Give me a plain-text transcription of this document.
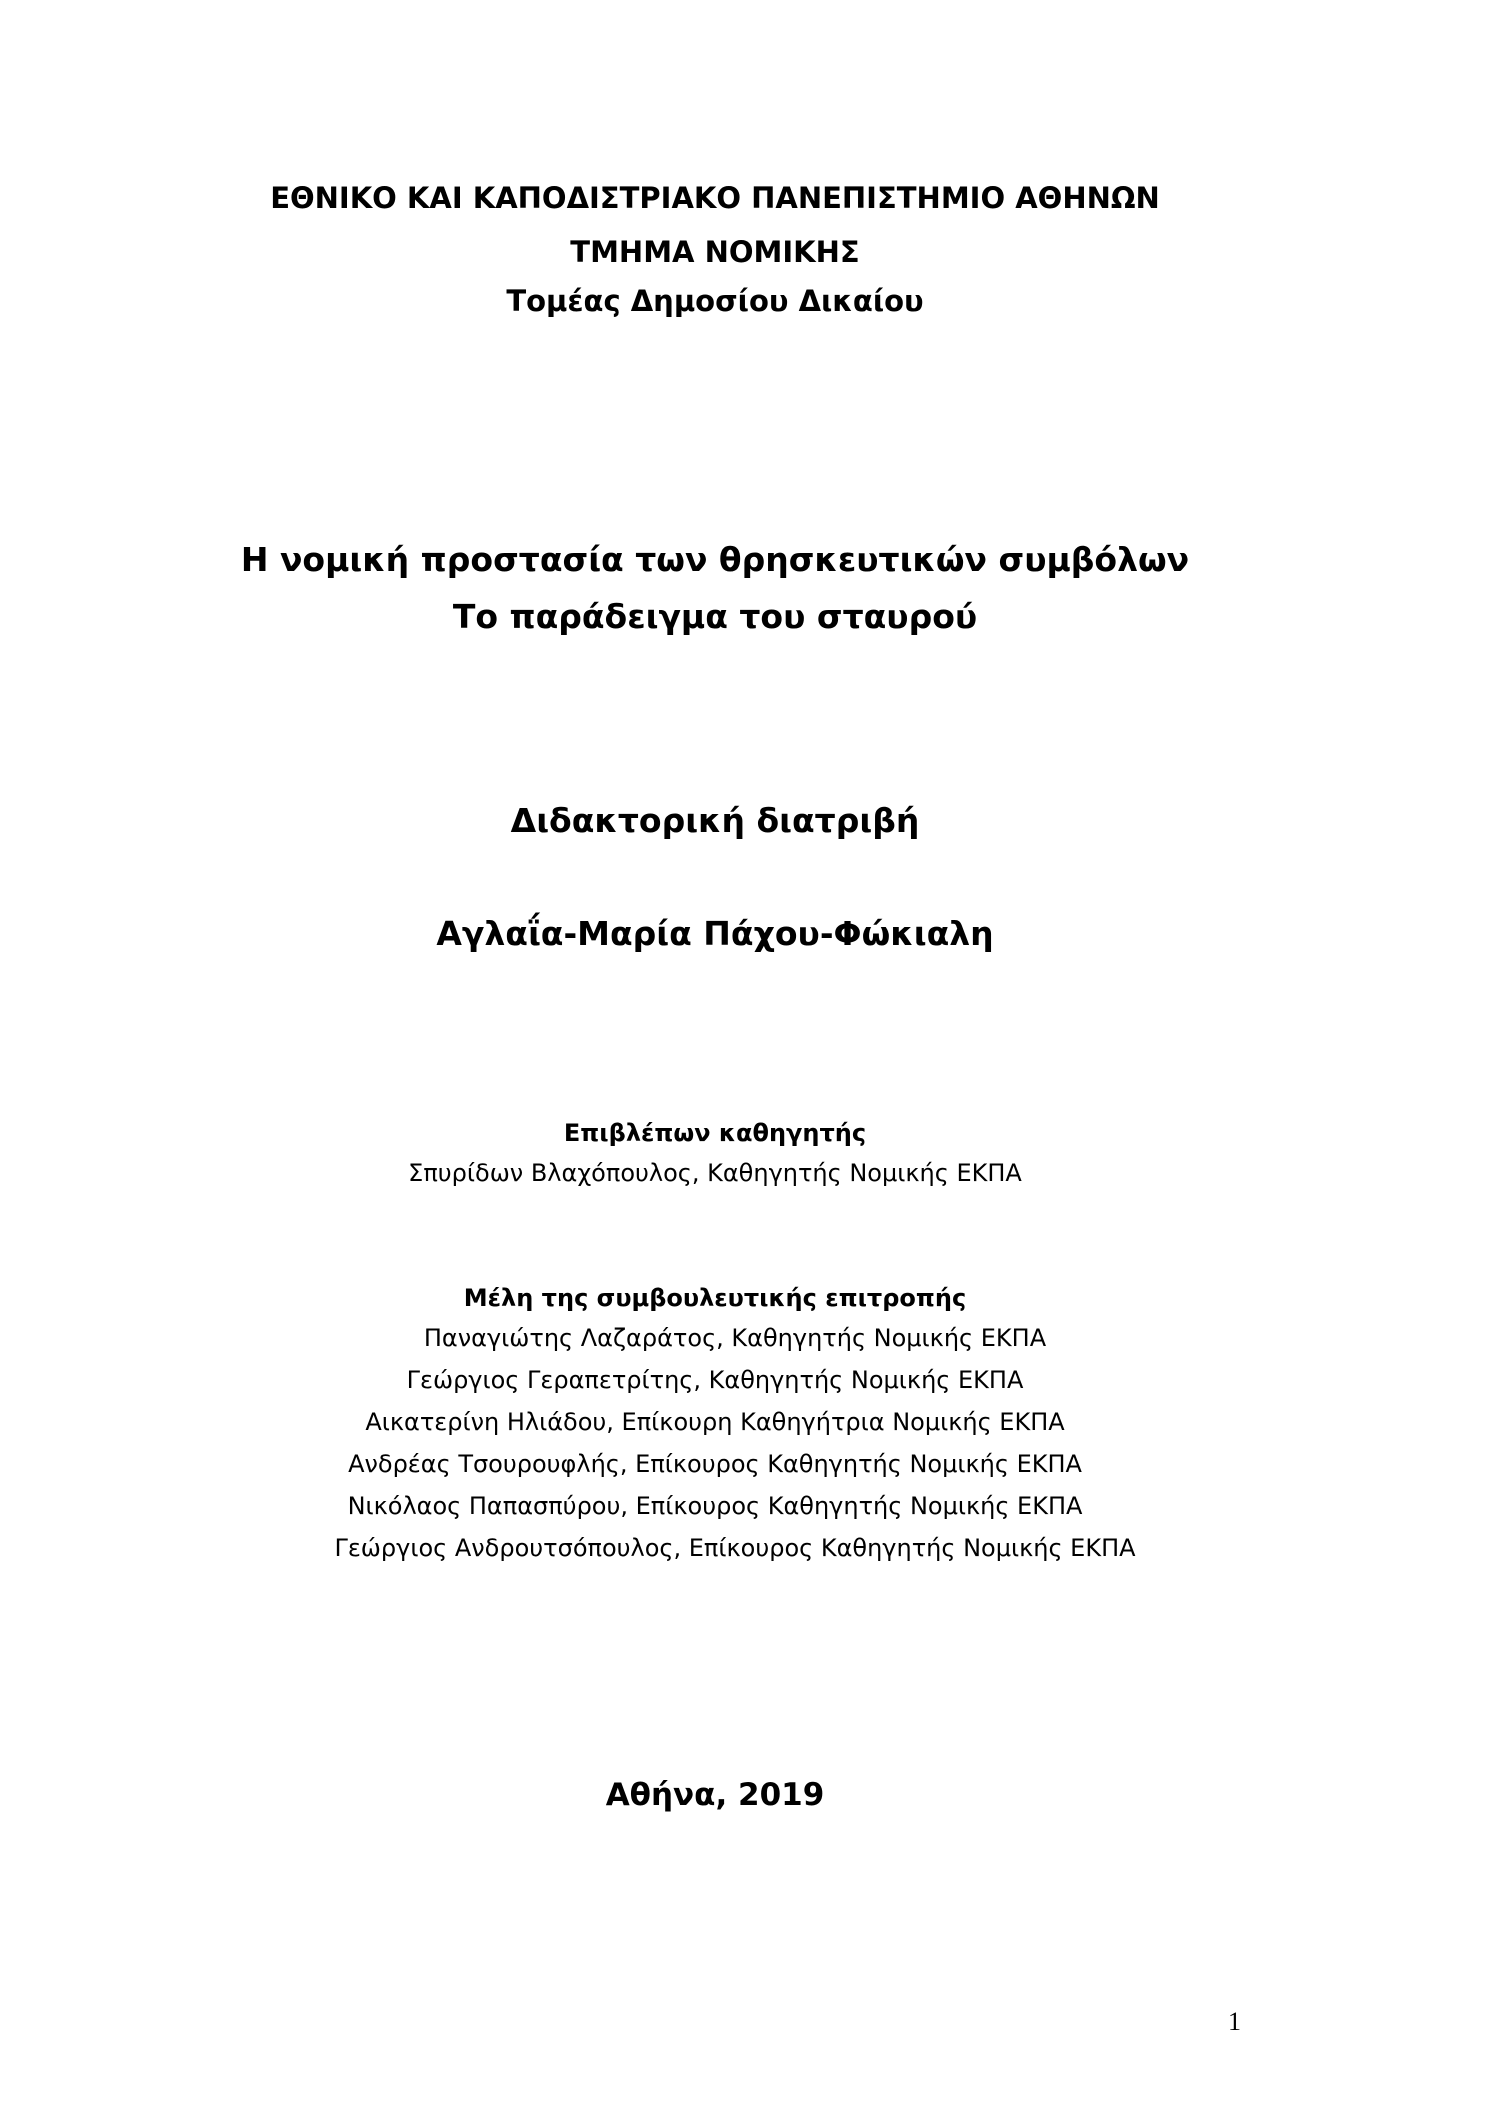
ΕΘΝΙΚΟ ΚΑΙ ΚΑΠΟΔΙΣΤΡΙΑΚΟ ΠΑΝΕΠΙΣΤΗΜΙΟ ΑΘΗΝΩΝ
ΤΜΗΜΑ ΝΟΜΙΚΗΣ
Τομέας Δημοσίου Δικαίου
Η νομική προστασία των θρησκευτικών συμβόλων
Το παράδειγμα του σταυρού
Διδακτορική διατριβή
Αγλαΐα-Μαρία Πάχου-Φώκιαλη
Επιβλέπων καθηγητής
Σπυρίδων Βλαχόπουλος, Καθηγητής Νομικής ΕΚΠΑ
Μέλη της συμβουλευτικής επιτροπής
Παναγιώτης Λαζαράτος, Καθηγητής Νομικής ΕΚΠΑ
Γεώργιος Γεραπετρίτης, Καθηγητής Νομικής ΕΚΠΑ
Αικατερίνη Ηλιάδου, Επίκουρη Καθηγήτρια Νομικής ΕΚΠΑ
Ανδρέας Τσουρουφλής, Επίκουρος Καθηγητής Νομικής ΕΚΠΑ
Νικόλαος Παπασπύρου, Επίκουρος Καθηγητής Νομικής ΕΚΠΑ
Γεώργιος Ανδρουτσόπουλος, Επίκουρος Καθηγητής Νομικής ΕΚΠΑ
Αθήνα, 2019
1
